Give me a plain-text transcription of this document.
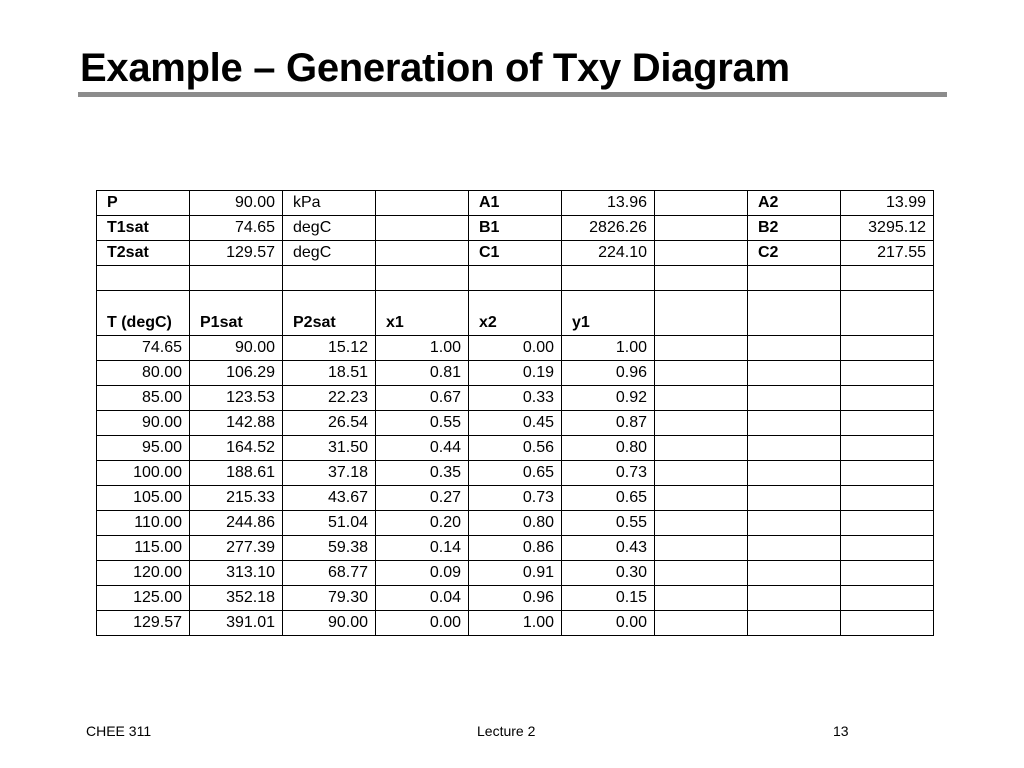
Example – Generation of Txy Diagram
P	90.00	kPa		A1	13.96		A2	13.99
T1sat	74.65	degC		B1	2826.26		B2	3295.12
T2sat	129.57	degC		C1	224.10		C2	217.55

T (degC)	P1sat	P2sat	x1	x2	y1			
74.65	90.00	15.12	1.00	0.00	1.00			
80.00	106.29	18.51	0.81	0.19	0.96			
85.00	123.53	22.23	0.67	0.33	0.92			
90.00	142.88	26.54	0.55	0.45	0.87			
95.00	164.52	31.50	0.44	0.56	0.80			
100.00	188.61	37.18	0.35	0.65	0.73			
105.00	215.33	43.67	0.27	0.73	0.65			
110.00	244.86	51.04	0.20	0.80	0.55			
115.00	277.39	59.38	0.14	0.86	0.43			
120.00	313.10	68.77	0.09	0.91	0.30			
125.00	352.18	79.30	0.04	0.96	0.15			
129.57	391.01	90.00	0.00	1.00	0.00			
CHEE 311	Lecture 2	13
